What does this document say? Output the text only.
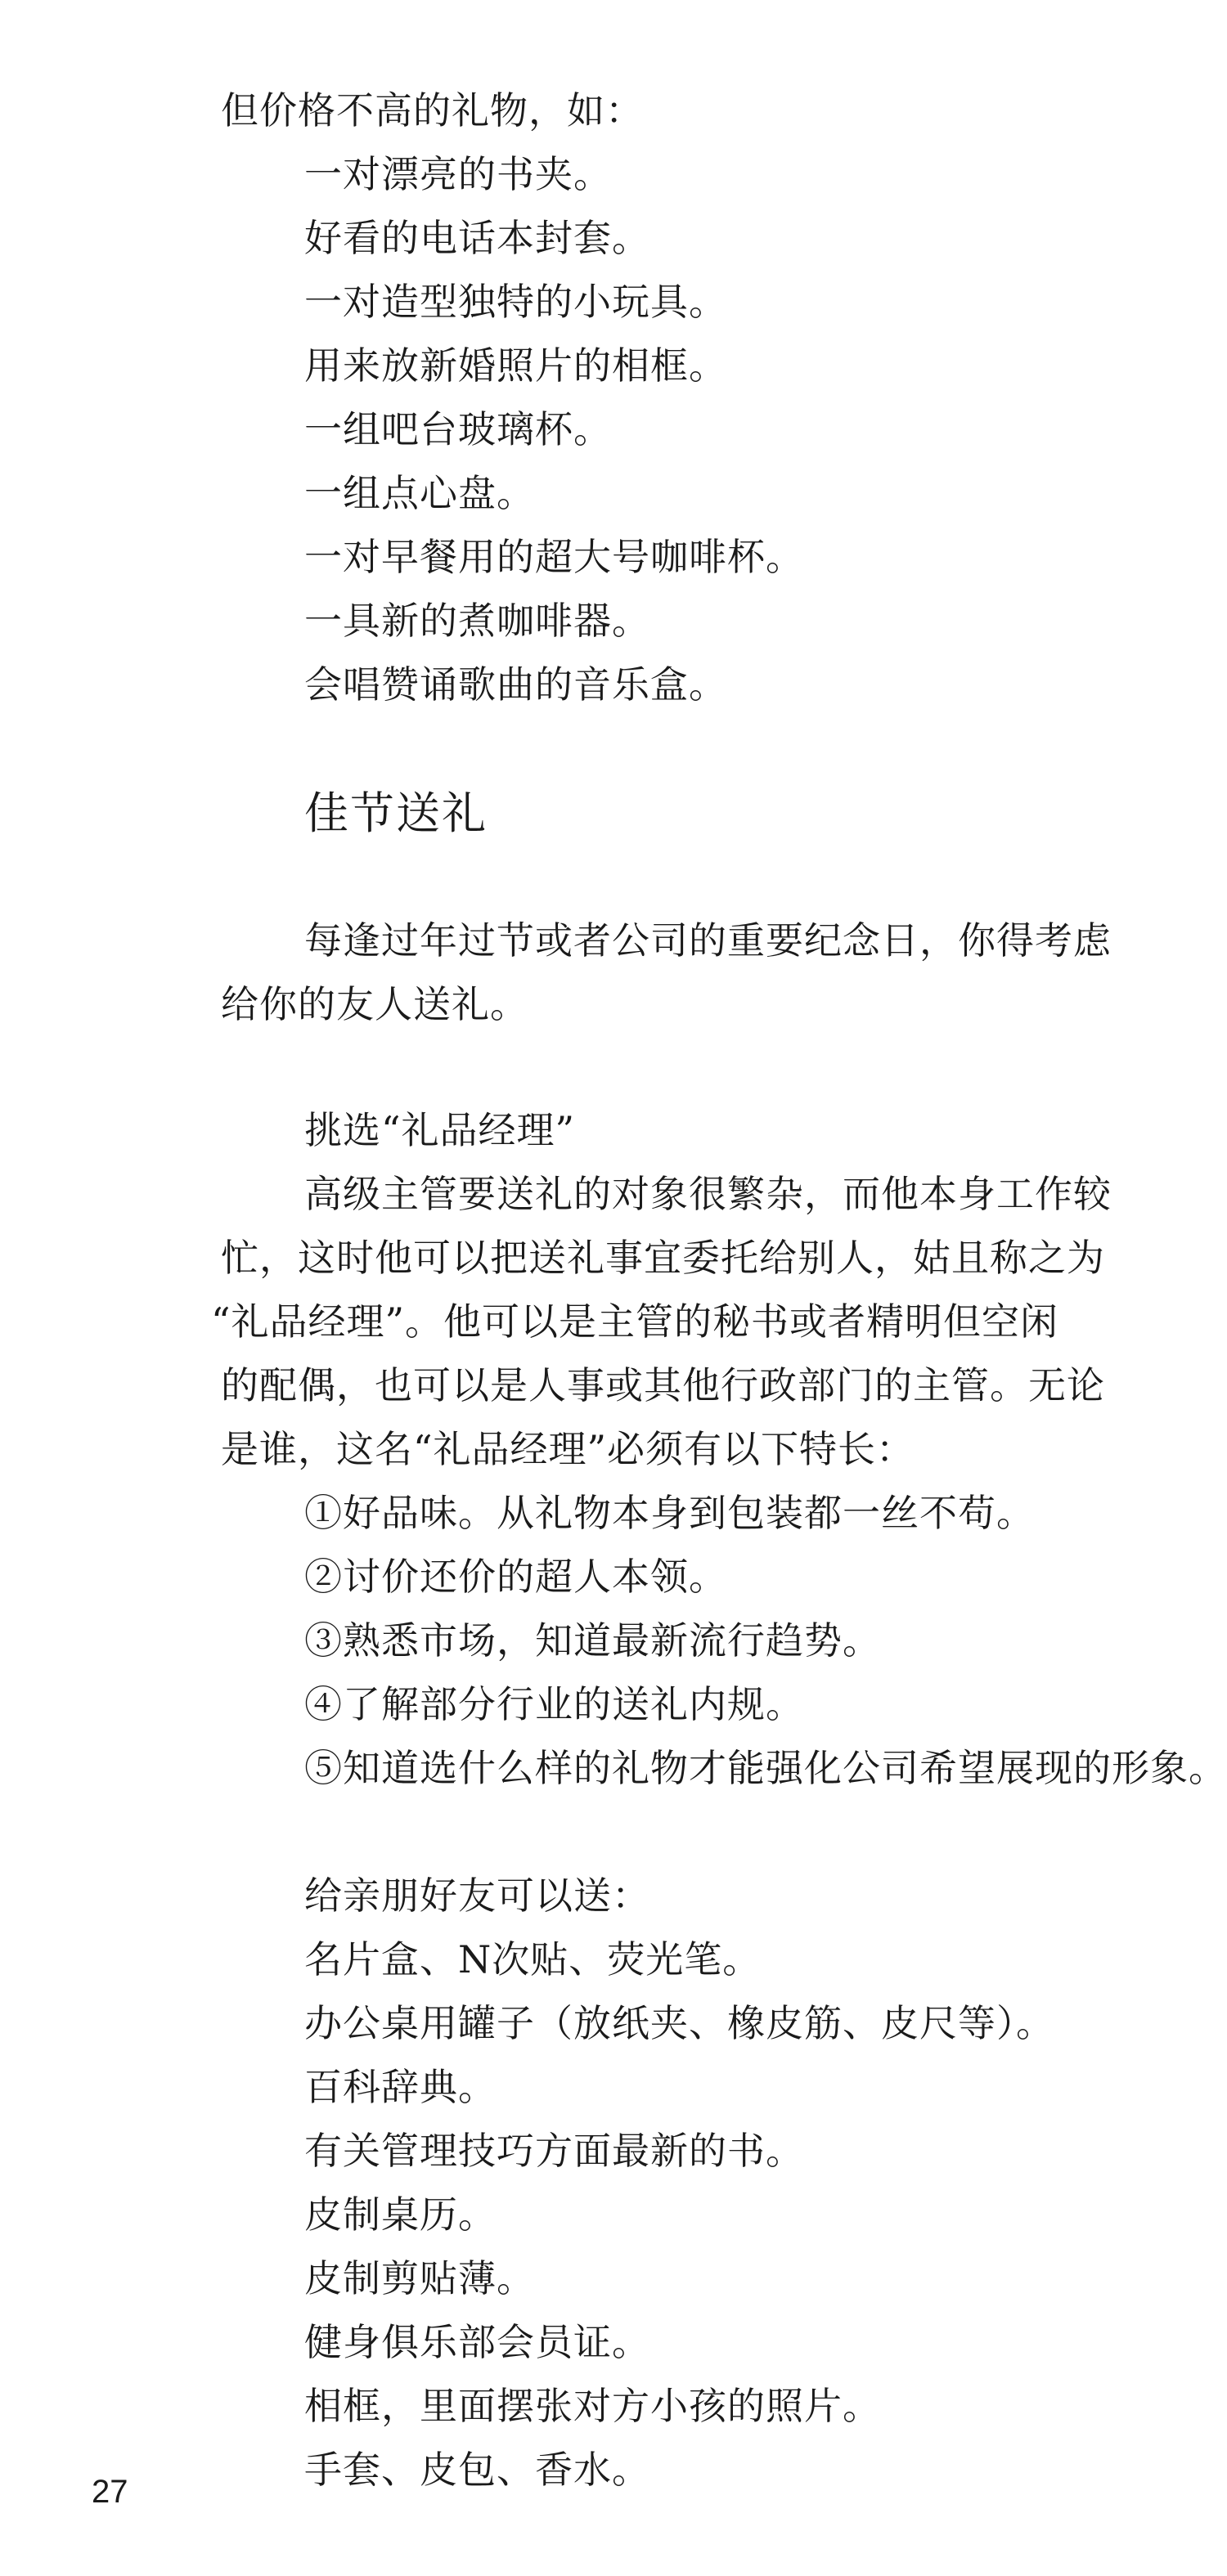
但价格不高的礼物，如：
一对漂亮的书夹。
好看的电话本封套。
一对造型独特的小玩具。
用来放新婚照片的相框。
一组吧台玻璃杯。
一组点心盘。
一对早餐用的超大号咖啡杯。
一具新的煮咖啡器。
会唱赞诵歌曲的音乐盒。
佳节送礼
每逢过年过节或者公司的重要纪念日，你得考虑
给你的友人送礼。
挑选“礼品经理”
高级主管要送礼的对象很繁杂，而他本身工作较
忙，这时他可以把送礼事宜委托给别人，姑且称之为
“礼品经理”。他可以是主管的秘书或者精明但空闲
的配偶，也可以是人事或其他行政部门的主管。无论
是谁，这名“礼品经理”必须有以下特长：
①好品味。从礼物本身到包装都一丝不苟。
②讨价还价的超人本领。
③熟悉市场，知道最新流行趋势。
④了解部分行业的送礼内规。
⑤知道选什么样的礼物才能强化公司希望展现的形象。
给亲朋好友可以送：
名片盒、N次贴、荧光笔。
办公桌用罐子（放纸夹、橡皮筋、皮尺等）。
百科辞典。
有关管理技巧方面最新的书。
皮制桌历。
皮制剪贴薄。
健身俱乐部会员证。
相框，里面摆张对方小孩的照片。
手套、皮包、香水。
27
